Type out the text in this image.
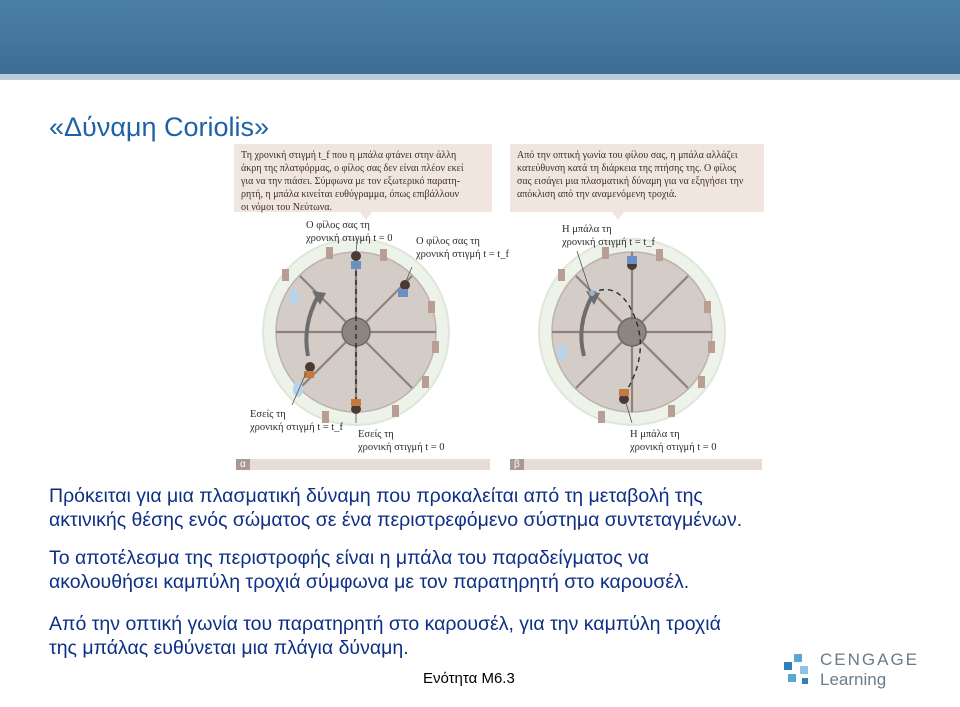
«Δύναμη Coriolis»
Τη χρονική στιγμή t_f που η μπάλα φτάνει στην άλλη
άκρη της πλατφόρμας, ο φίλος σας δεν είναι πλέον εκεί
για να την πιάσει. Σύμφωνα με τον εξωτερικό παρατη-
ρητή, η μπάλα κινείται ευθύγραμμα, όπως επιβάλλουν
οι νόμοι του Νεύτωνα.
Από την οπτική γωνία του φίλου σας, η μπάλα αλλάζει
κατεύθυνση κατά τη διάρκεια της πτήσης της. Ο φίλος
σας εισάγει μια πλασματική δύναμη για να εξηγήσει την
απόκλιση από την αναμενόμενη τροχιά.
Ο φίλος σας τη
χρονική στιγμή t = 0 Ο φίλος σας τη
χρονική στιγμή t = t_f
Εσείς τη
χρονική στιγμή t = t_f
Εσείς τη
χρονική στιγμή t = 0
Η μπάλα τη
χρονική στιγμή t = t_f
Η μπάλα τη
χρονική στιγμή t = 0
α	β
Πρόκειται για μια πλασματική δύναμη που προκαλείται από τη μεταβολή της
ακτινικής θέσης ενός σώματος σε ένα περιστρεφόμενο σύστημα συντεταγμένων.
Το αποτέλεσμα της περιστροφής είναι η μπάλα του παραδείγματος να
ακολουθήσει καμπύλη τροχιά σύμφωνα με τον παρατηρητή στο καρουσέλ.
Από την οπτική γωνία του παρατηρητή στο καρουσέλ, για την καμπύλη τροχιά
της μπάλας ευθύνεται μια πλάγια δύναμη.
Ενότητα Μ6.3
CENGAGE
Learning
